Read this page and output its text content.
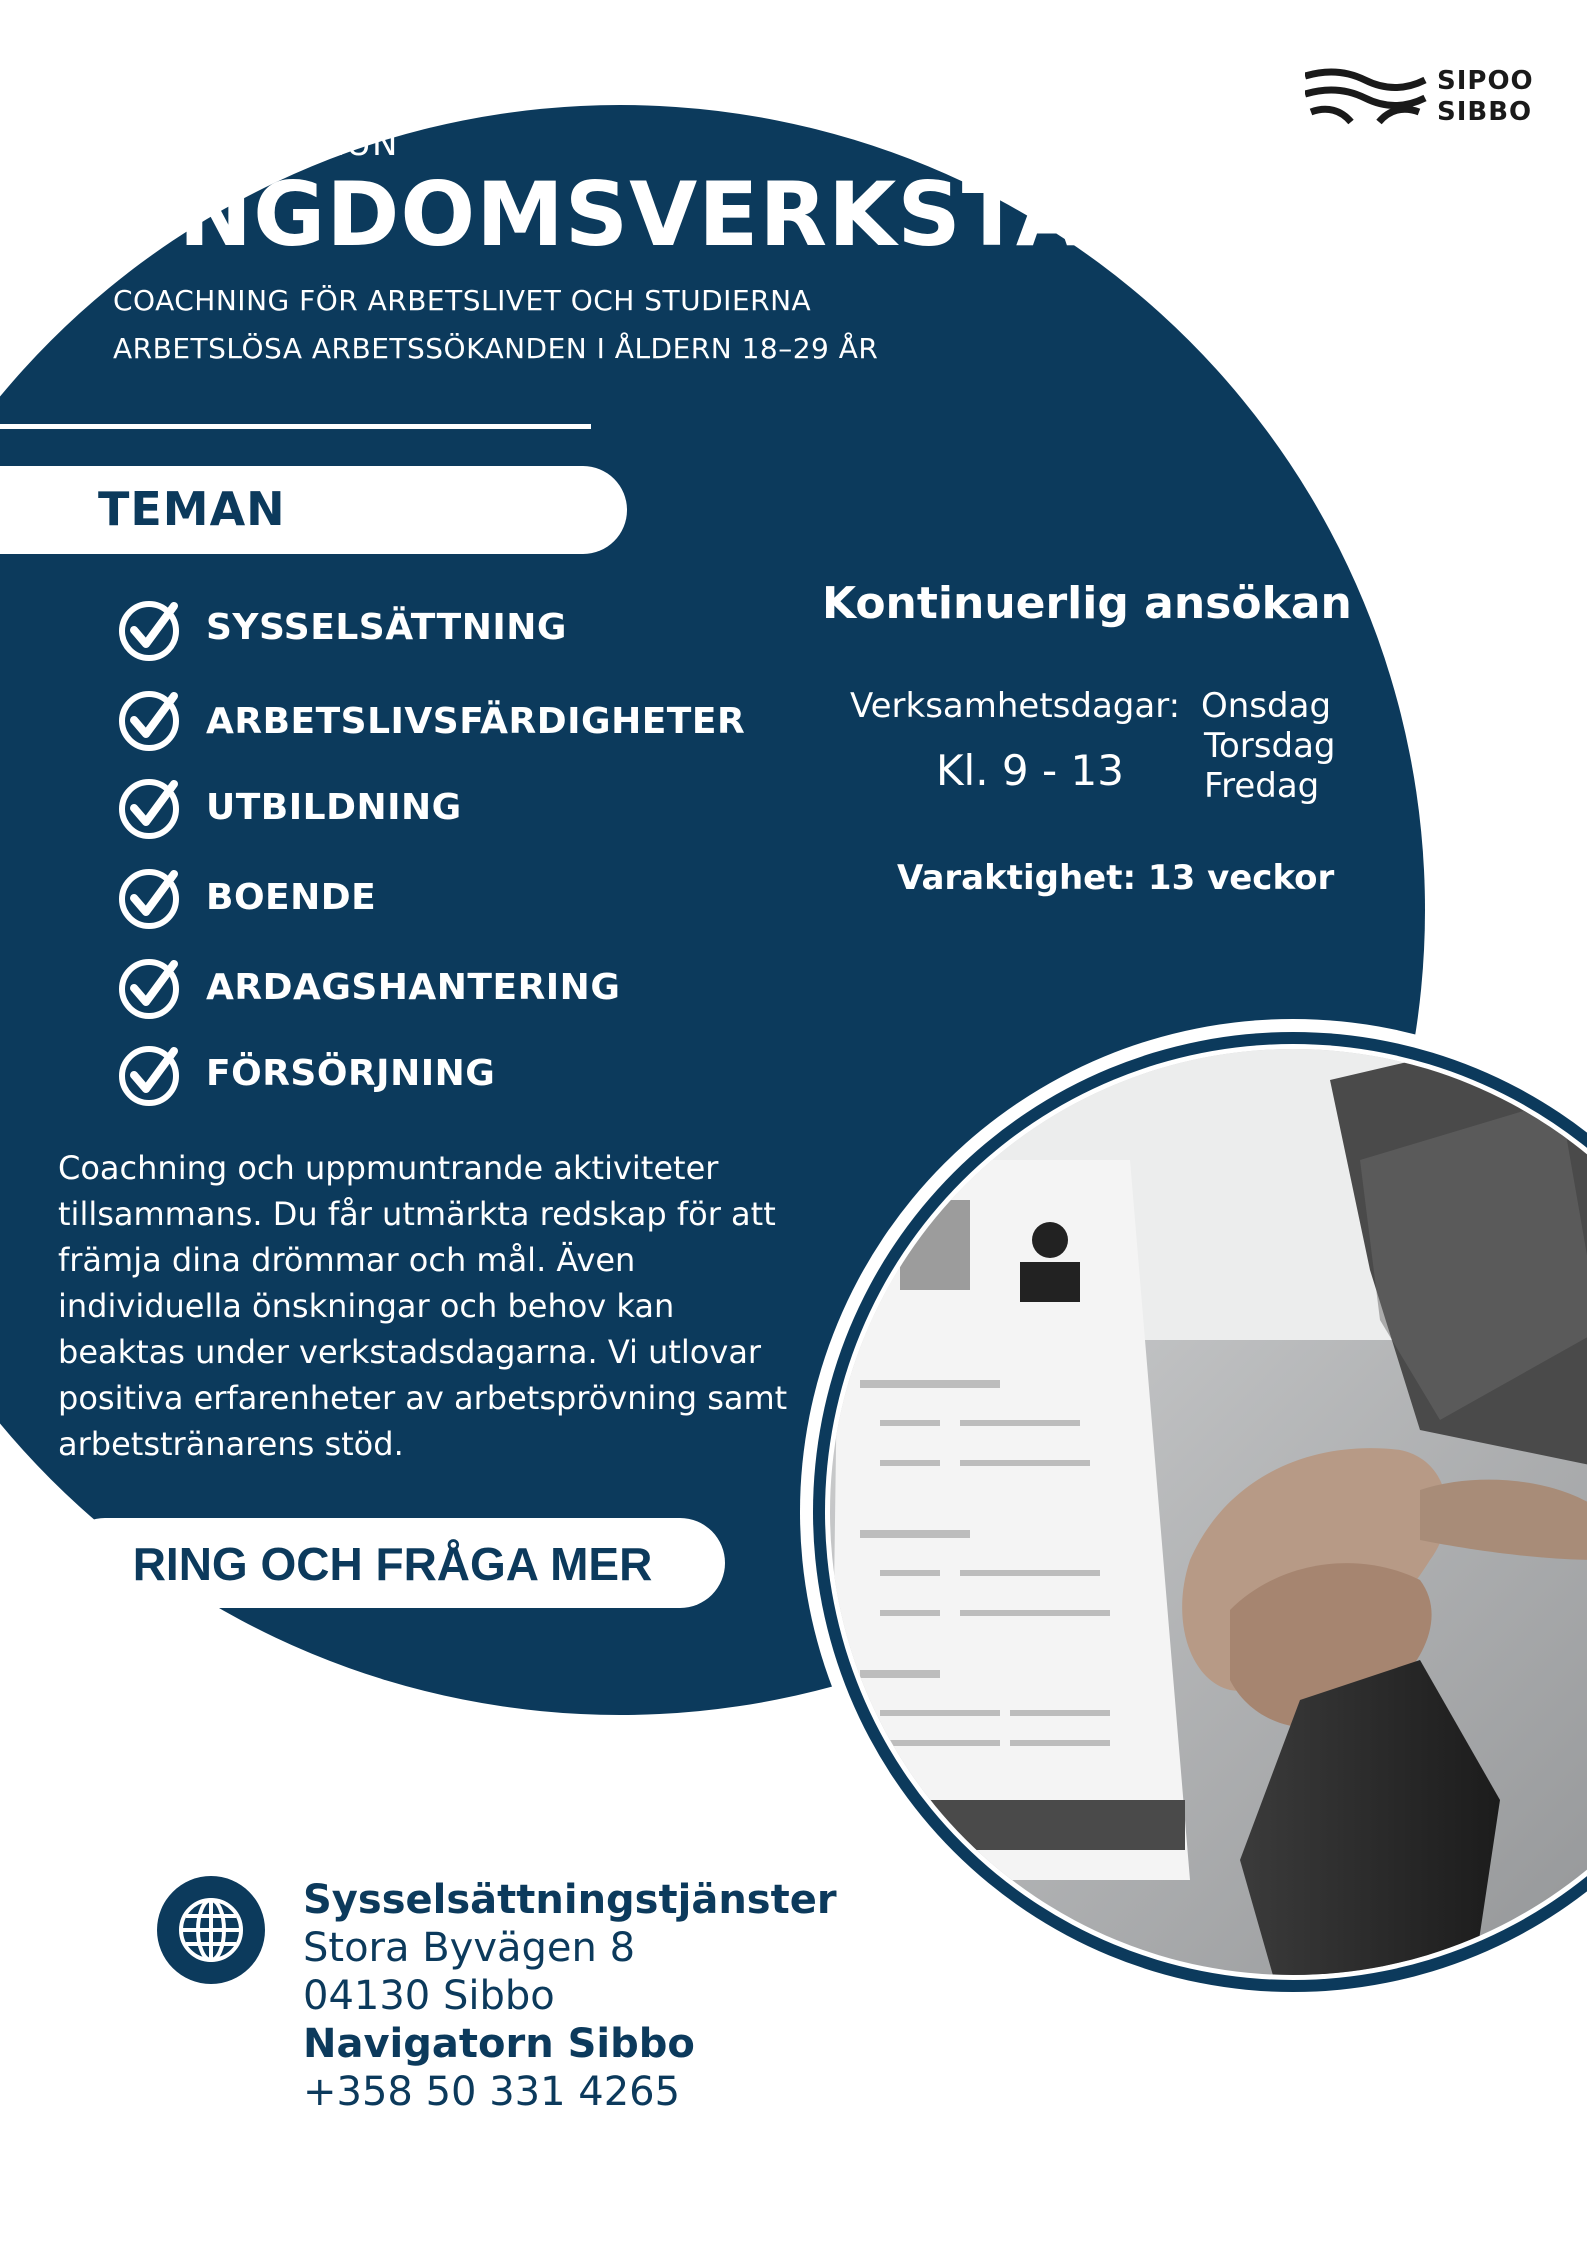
SIPOO
SIBBO
SIBBO KOMMUN
UNGDOMSVERKSTAD
COACHNING FÖR ARBETSLIVET OCH STUDIERNA
ARBETSLÖSA ARBETSSÖKANDEN I ÅLDERN 18–29 ÅR
TEMAN
SYSSELSÄTTNING
ARBETSLIVSFÄRDIGHETER
UTBILDNING
BOENDE
ARDAGSHANTERING
FÖRSÖRJNING
Coachning och uppmuntrande aktiviteter tillsammans. Du får utmärkta redskap för att främja dina drömmar och mål. Även individuella önskningar och behov kan beaktas under verkstadsdagarna. Vi utlovar positiva erfarenheter av arbetsprövning samt arbetstränarens stöd.
RING OCH FRÅGA MER
Kontinuerlig ansökan
Verksamhetsdagar: Onsdag
Torsdag
Fredag
Kl. 9 - 13
Varaktighet: 13 veckor
Sysselsättningstjänster
Stora Byvägen 8
04130 Sibbo
Navigatorn Sibbo
+358 50 331 4265
